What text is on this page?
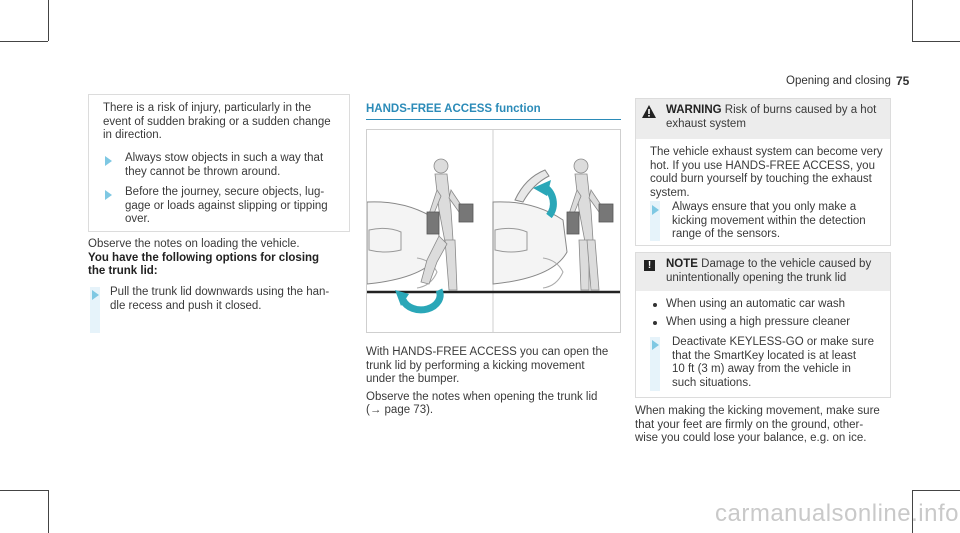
Opening and closing 75
There is a risk of injury, particularly in the
event of sudden braking or a sudden change
in direction.
Always stow objects in such a way that
they cannot be thrown around.
Before the journey, secure objects, lug-
gage or loads against slipping or tipping
over.
Observe the notes on loading the vehicle.
You have the following options for closing
the trunk lid:
Pull the trunk lid downwards using the han-
dle recess and push it closed.
HANDS-FREE ACCESS function
With HANDS-FREE ACCESS you can open the
trunk lid by performing a kicking movement
under the bumper.
Observe the notes when opening the trunk lid
(→ page 73).
WARNING Risk of burns caused by a hot
exhaust system
The vehicle exhaust system can become very
hot. If you use HANDS-FREE ACCESS, you
could burn yourself by touching the exhaust
system.
Always ensure that you only make a
kicking movement within the detection
range of the sensors.
!	NOTE Damage to the vehicle caused by
unintentionally opening the trunk lid
When using an automatic car wash
When using a high pressure cleaner
Deactivate KEYLESS-GO or make sure
that the SmartKey located is at least
10 ft (3 m) away from the vehicle in
such situations.
When making the kicking movement, make sure
that your feet are firmly on the ground, other-
wise you could lose your balance, e.g. on ice.
carmanualsonline.info
